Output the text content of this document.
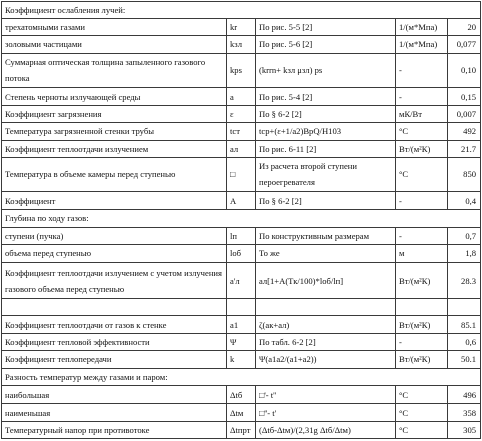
Коэффициент ослабления лучей:				
трехатомными газами	kr	По рис. 5-5 [2]	1/(м*Мпа)	20
золовыми частицами	kзл	По рис. 5-6 [2]	1/(м*Мпа)	0,077
Суммарная оптическая толщина запыленного газового потока	kps	(krrn+ kзл μзл) ps	-	0,10
Степень черноты излучающей среды	a	По рис. 5-4 [2]	-	0,15
Коэффициент загрязнения	ε	По § 6-2 [2]	мК/Вт	0,007
Температура загрязненной стенки трубы	tст	tср+(ε+1/a2)BpQ/H103	°С	492
Коэффициент теплоотдачи излучением	aл	По рис. 6-11 [2]	Вт/(м²К)	21.7
Температура в объеме камеры перед ступенью	□	Из расчета второй ступени пероегревателя	°С	850
Коэффициент	A	По § 6-2 [2]	-	0,4
Глубина по ходу газов:				
ступени (пучка)	lп	По конструктивным размерам	-	0,7
объема перед ступенью	lоб	То же	м	1,8
Коэффициент теплоотдачи излучением с учетом излучения газового объема перед ступенью	a'л	aл[1+A(Тк/100)*lоб/lп]	Вт/(м²К)	28.3

Коэффициент теплоотдачи от газов к стенке	a1	ζ(aк+aл)	Вт/(м²К)	85.1
Коэффициент тепловой эффективности	Ψ	По табл. 6-2 [2]	-	0,6
Коэффициент теплопередачи	k	Ψ(a1a2/(a1+a2))	Вт/(м²К)	50.1
Разность температур между газами и паром:				
наибольшая	Δtб	□'- t''	°С	496
наименьшая	Δtм	□''- t'	°С	358
Температурный напор при противотоке	Δtпрт	(Δtб-Δtм)/(2,31g Δtб/Δtм)	°С	305
